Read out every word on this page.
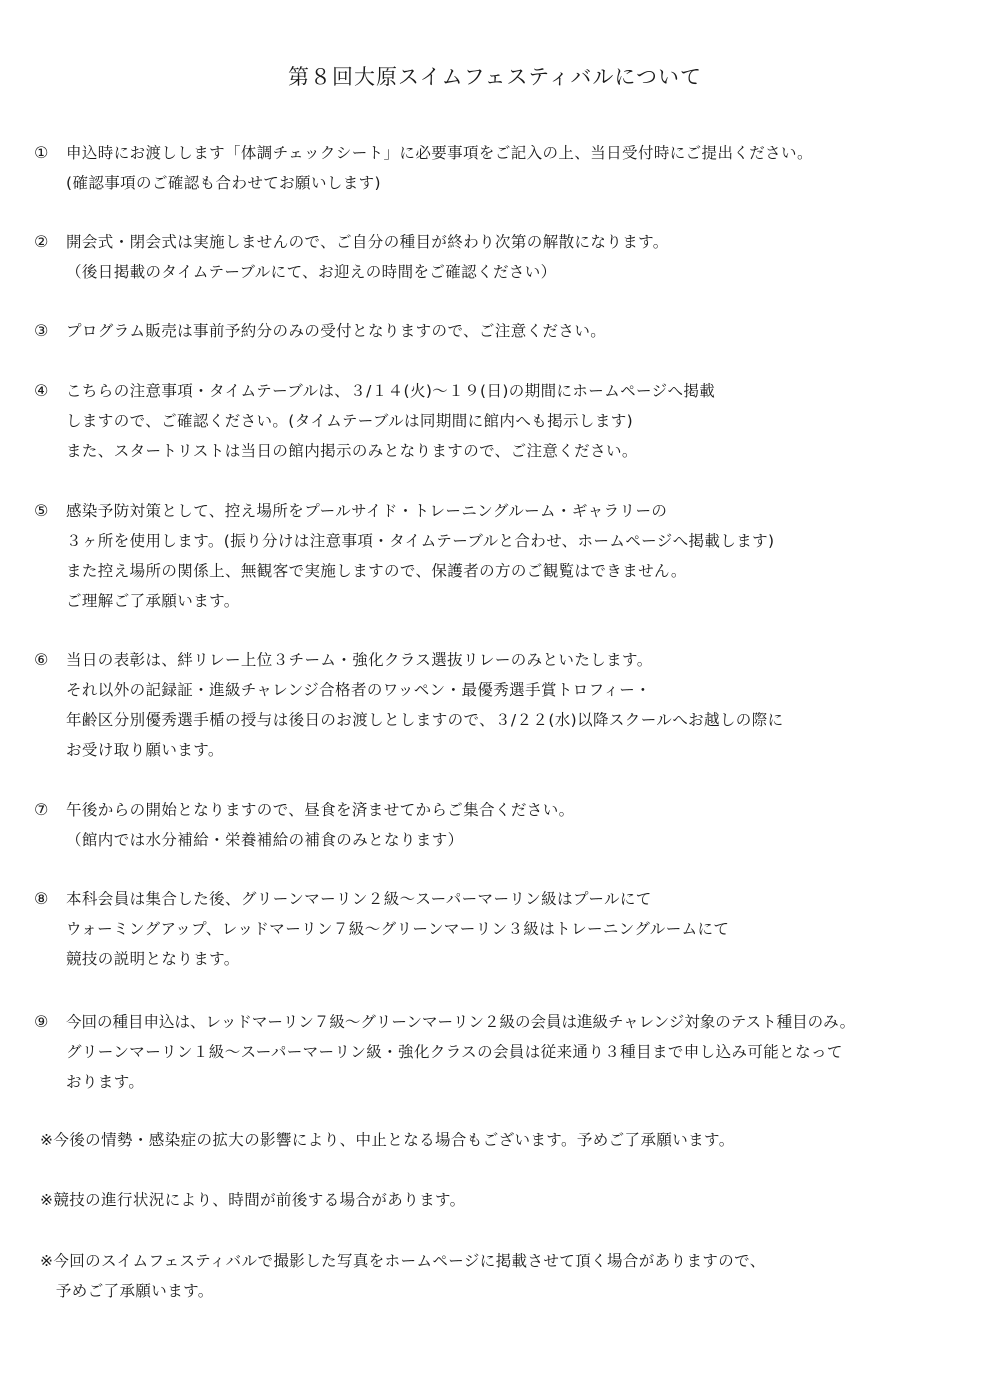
第８回大原スイムフェスティバルについて
①	申込時にお渡しします「体調チェックシート」に必要事項をご記入の上、当日受付時にご提出ください。
(確認事項のご確認も合わせてお願いします)
②	開会式・閉会式は実施しませんので、ご自分の種目が終わり次第の解散になります。
（後日掲載のタイムテーブルにて、お迎えの時間をご確認ください）
③	プログラム販売は事前予約分のみの受付となりますので、ご注意ください。
④	こちらの注意事項・タイムテーブルは、３/１４(火)～１９(日)の期間にホームページへ掲載
しますので、ご確認ください。(タイムテーブルは同期間に館内へも掲示します)
また、スタートリストは当日の館内掲示のみとなりますので、ご注意ください。
⑤	感染予防対策として、控え場所をプールサイド・トレーニングルーム・ギャラリーの
３ヶ所を使用します。(振り分けは注意事項・タイムテーブルと合わせ、ホームページへ掲載します)
また控え場所の関係上、無観客で実施しますので、保護者の方のご観覧はできません。
ご理解ご了承願います。
⑥	当日の表彰は、絆リレー上位３チーム・強化クラス選抜リレーのみといたします。
それ以外の記録証・進級チャレンジ合格者のワッペン・最優秀選手賞トロフィー・
年齢区分別優秀選手楯の授与は後日のお渡しとしますので、３/２２(水)以降スクールへお越しの際に
お受け取り願います。
⑦	午後からの開始となりますので、昼食を済ませてからご集合ください。
（館内では水分補給・栄養補給の補食のみとなります）
⑧	本科会員は集合した後、グリーンマーリン２級～スーパーマーリン級はプールにて
ウォーミングアップ、レッドマーリン７級～グリーンマーリン３級はトレーニングルームにて
競技の説明となります。
⑨	今回の種目申込は、レッドマーリン７級～グリーンマーリン２級の会員は進級チャレンジ対象のテスト種目のみ。
グリーンマーリン１級～スーパーマーリン級・強化クラスの会員は従来通り３種目まで申し込み可能となって
おります。
※今後の情勢・感染症の拡大の影響により、中止となる場合もございます。予めご了承願います。
※競技の進行状況により、時間が前後する場合があります。
※今回のスイムフェスティバルで撮影した写真をホームページに掲載させて頂く場合がありますので、
　予めご了承願います。
